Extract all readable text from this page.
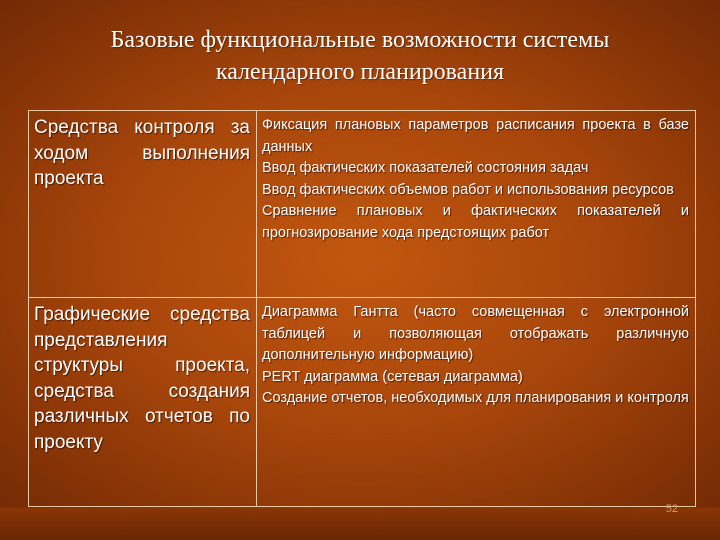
Базовые функциональные возможности системы
календарного планирования
Средства контроля за ходом выполнения проекта	Фиксация плановых параметров расписания проекта в базе данных
Ввод фактических показателей состояния задач
Ввод фактических объемов работ и использования ресурсов
Сравнение плановых и фактических показателей и прогнозирование хода предстоящих работ

Графические средства представления структуры проекта, средства создания различных отчетов по проекту	Диаграмма Гантта (часто совмещенная с электронной таблицей и позволяющая отображать различную дополнительную информацию)
PERT диаграмма (сетевая диаграмма)
Создание отчетов, необходимых для планирования и контроля
52
